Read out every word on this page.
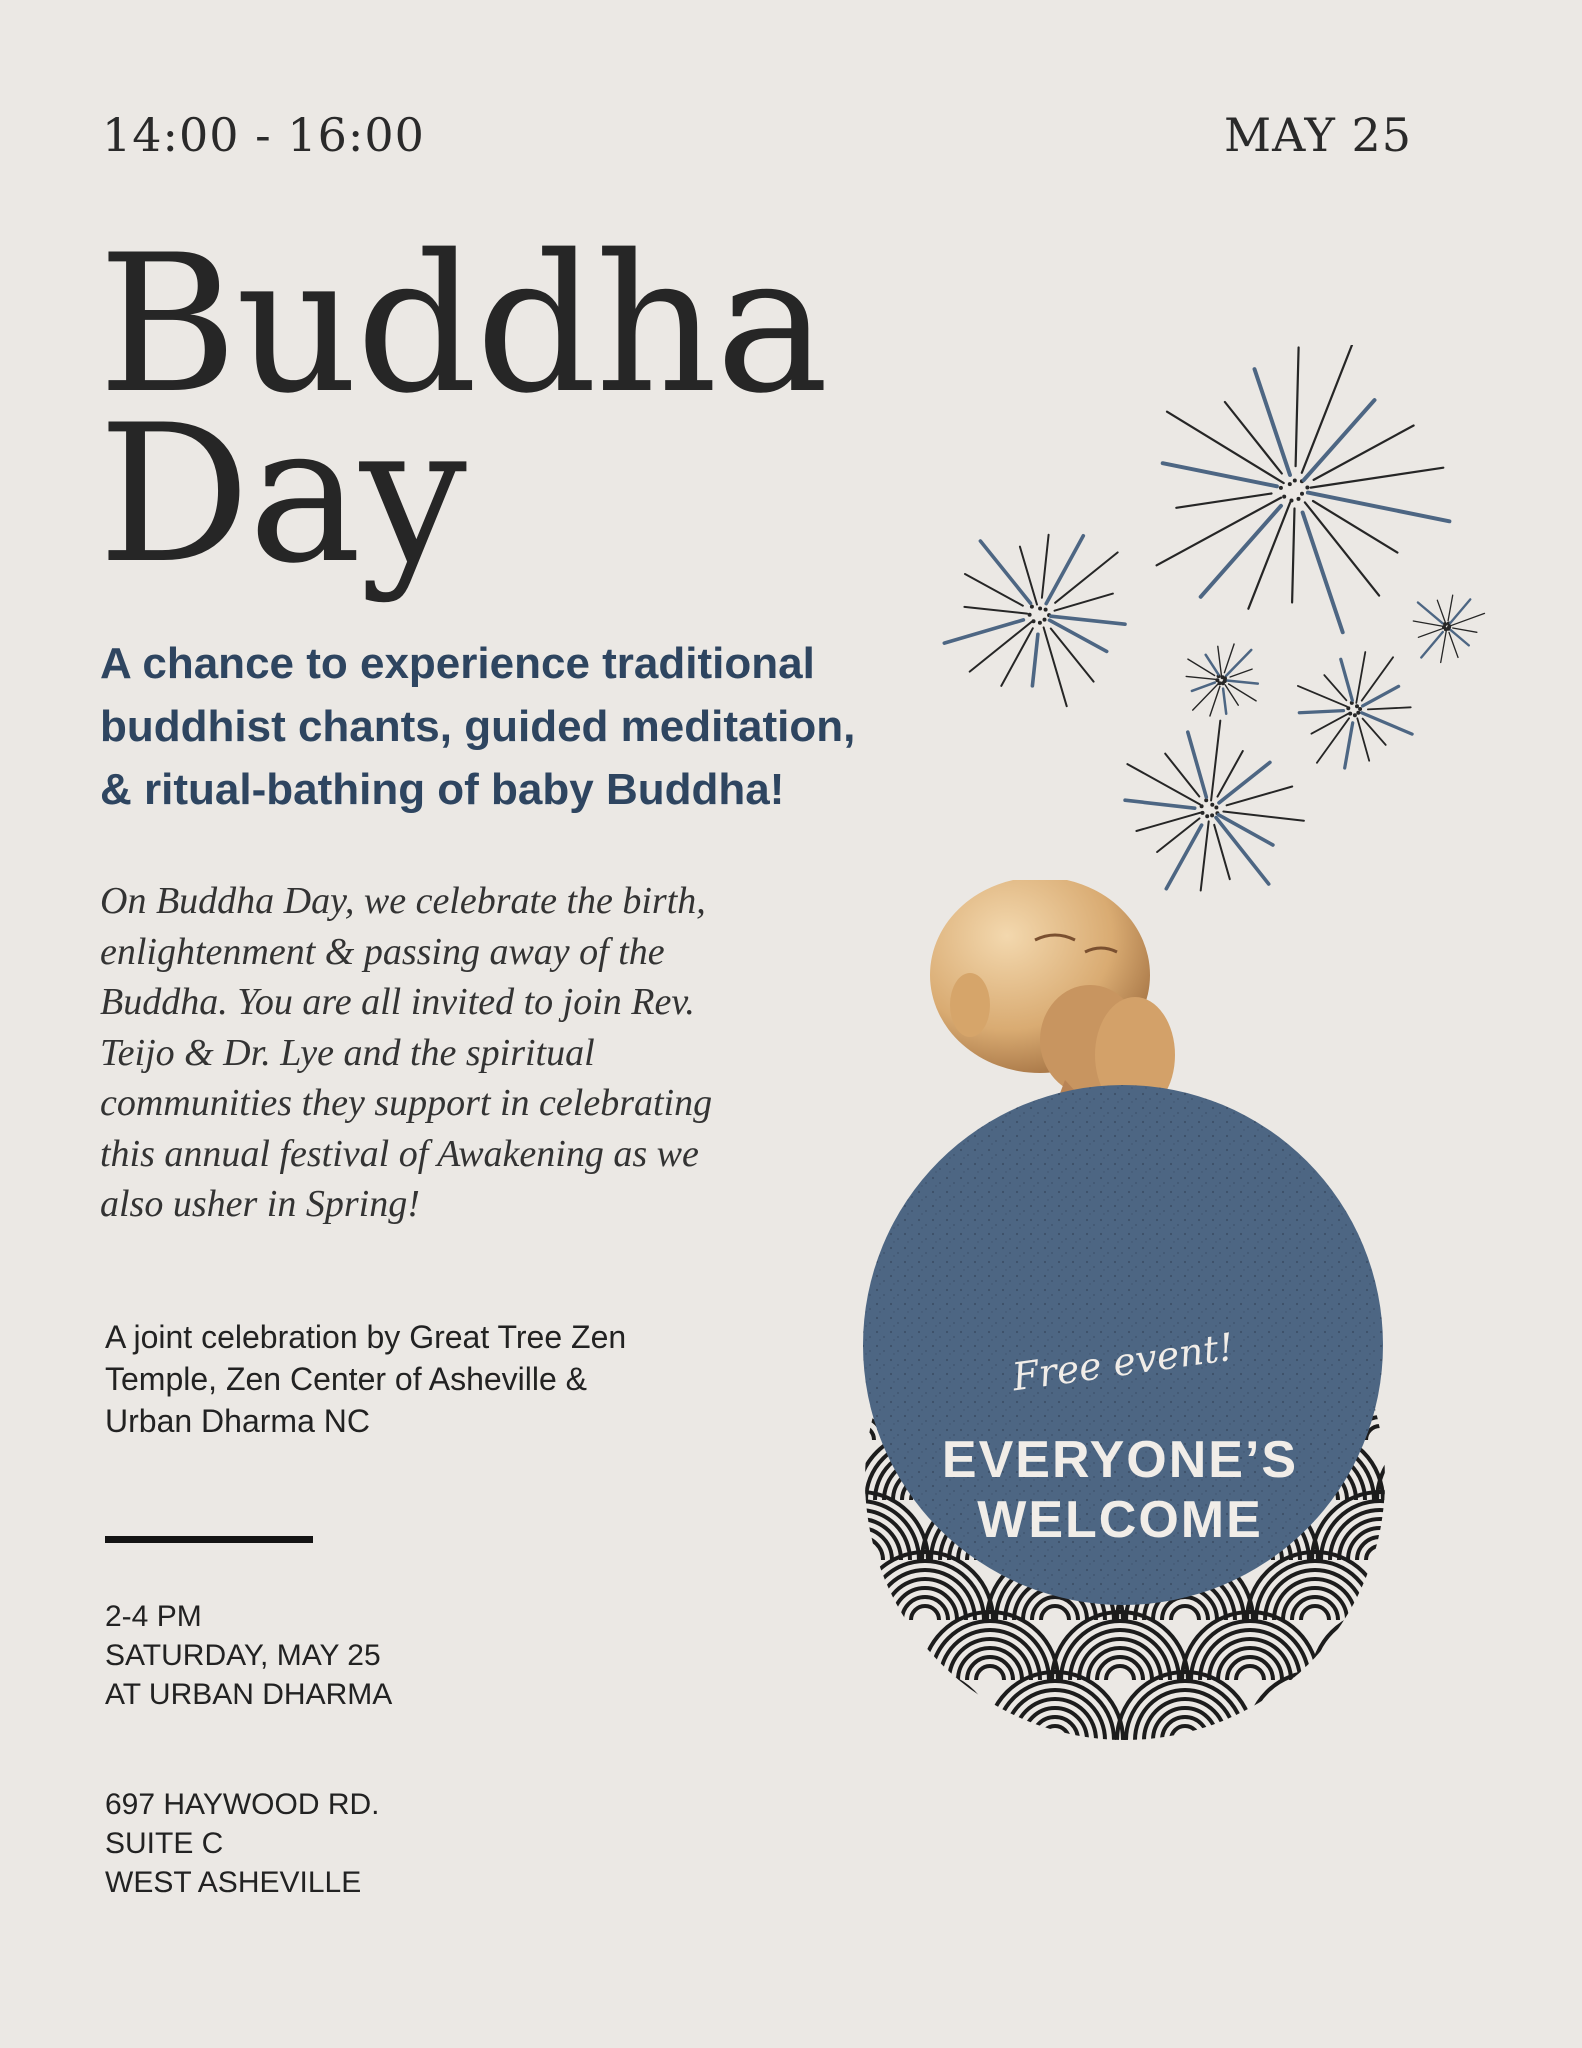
14:00 - 16:00	MAY 25
Buddha
Day
A chance to experience traditional
buddhist chants, guided meditation,
& ritual-bathing of baby Buddha!

On Buddha Day, we celebrate the birth,
enlightenment & passing away of the
Buddha. You are all invited to join Rev.
Teijo & Dr. Lye and the spiritual
communities they support in celebrating
this annual festival of Awakening as we
also usher in Spring!

A joint celebration by Great Tree Zen
Temple, Zen Center of Asheville &
Urban Dharma NC

2-4 PM
SATURDAY, MAY 25
AT URBAN DHARMA

697 HAYWOOD RD.
SUITE C
WEST ASHEVILLE

Free event!
EVERYONE’S
WELCOME
